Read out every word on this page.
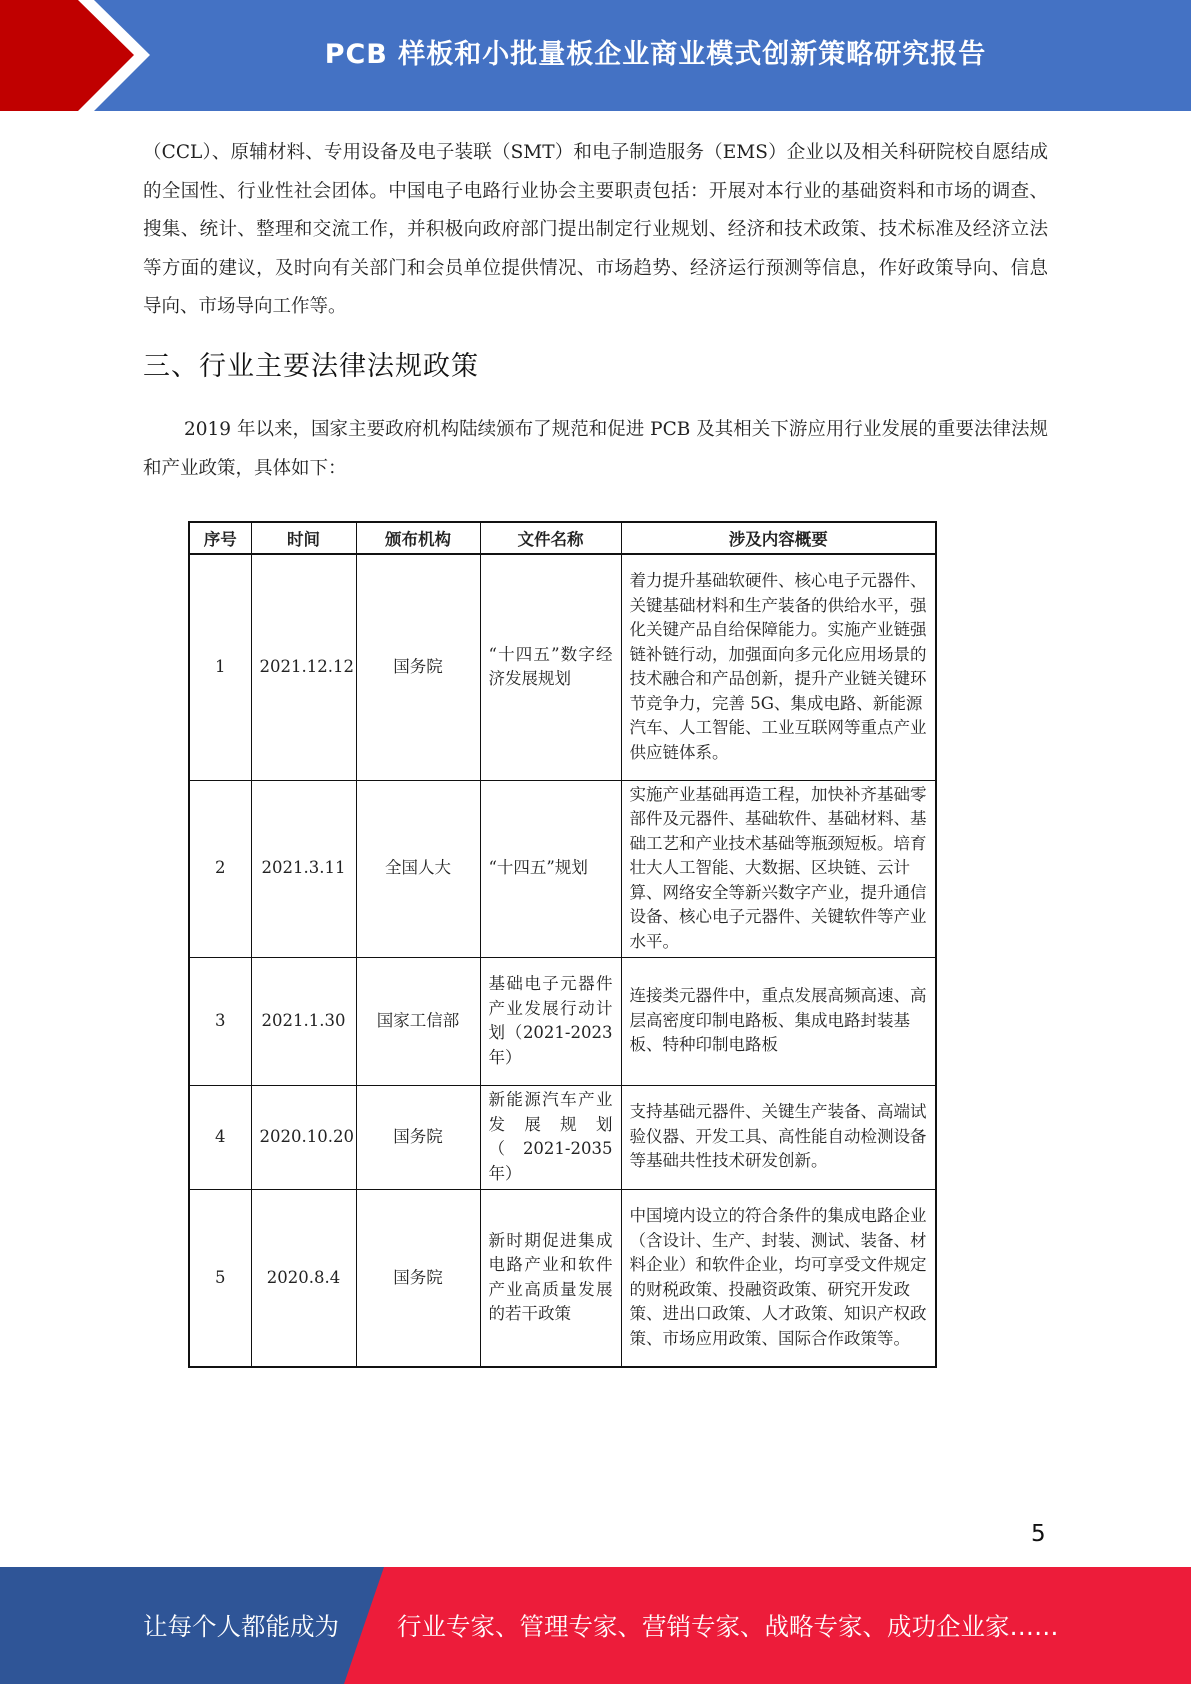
PCB 样板和小批量板企业商业模式创新策略研究报告

（CCL）、原辅材料、专用设备及电子装联（SMT）和电子制造服务（EMS）企业以及相关科研院校自愿结成的全国性、行业性社会团体。中国电子电路行业协会主要职责包括：开展对本行业的基础资料和市场的调查、搜集、统计、整理和交流工作，并积极向政府部门提出制定行业规划、经济和技术政策、技术标准及经济立法等方面的建议，及时向有关部门和会员单位提供情况、市场趋势、经济运行预测等信息，作好政策导向、信息导向、市场导向工作等。

三、行业主要法律法规政策

2019 年以来，国家主要政府机构陆续颁布了规范和促进 PCB 及其相关下游应用行业发展的重要法律法规和产业政策，具体如下：

序号	时间	颁布机构	文件名称	涉及内容概要
1	2021.12.12	国务院	“十四五”数字经济发展规划	着力提升基础软硬件、核心电子元器件、关键基础材料和生产装备的供给水平，强化关键产品自给保障能力。实施产业链强链补链行动，加强面向多元化应用场景的技术融合和产品创新，提升产业链关键环节竞争力，完善 5G、集成电路、新能源汽车、人工智能、工业互联网等重点产业供应链体系。
2	2021.3.11	全国人大	“十四五”规划	实施产业基础再造工程，加快补齐基础零部件及元器件、基础软件、基础材料、基础工艺和产业技术基础等瓶颈短板。培育壮大人工智能、大数据、区块链、云计算、网络安全等新兴数字产业，提升通信设备、核心电子元器件、关键软件等产业水平。
3	2021.1.30	国家工信部	基础电子元器件产业发展行动计划（2021-2023年）	连接类元器件中，重点发展高频高速、高层高密度印制电路板、集成电路封装基板、特种印制电路板
4	2020.10.20	国务院	新能源汽车产业发展规划（2021-2035年）	支持基础元器件、关键生产装备、高端试验仪器、开发工具、高性能自动检测设备等基础共性技术研发创新。
5	2020.8.4	国务院	新时期促进集成电路产业和软件产业高质量发展的若干政策	中国境内设立的符合条件的集成电路企业（含设计、生产、封装、测试、装备、材料企业）和软件企业，均可享受文件规定的财税政策、投融资政策、研究开发政策、进出口政策、人才政策、知识产权政策、市场应用政策、国际合作政策等。
5
让每个人都能成为 行业专家、管理专家、营销专家、战略专家、成功企业家……
